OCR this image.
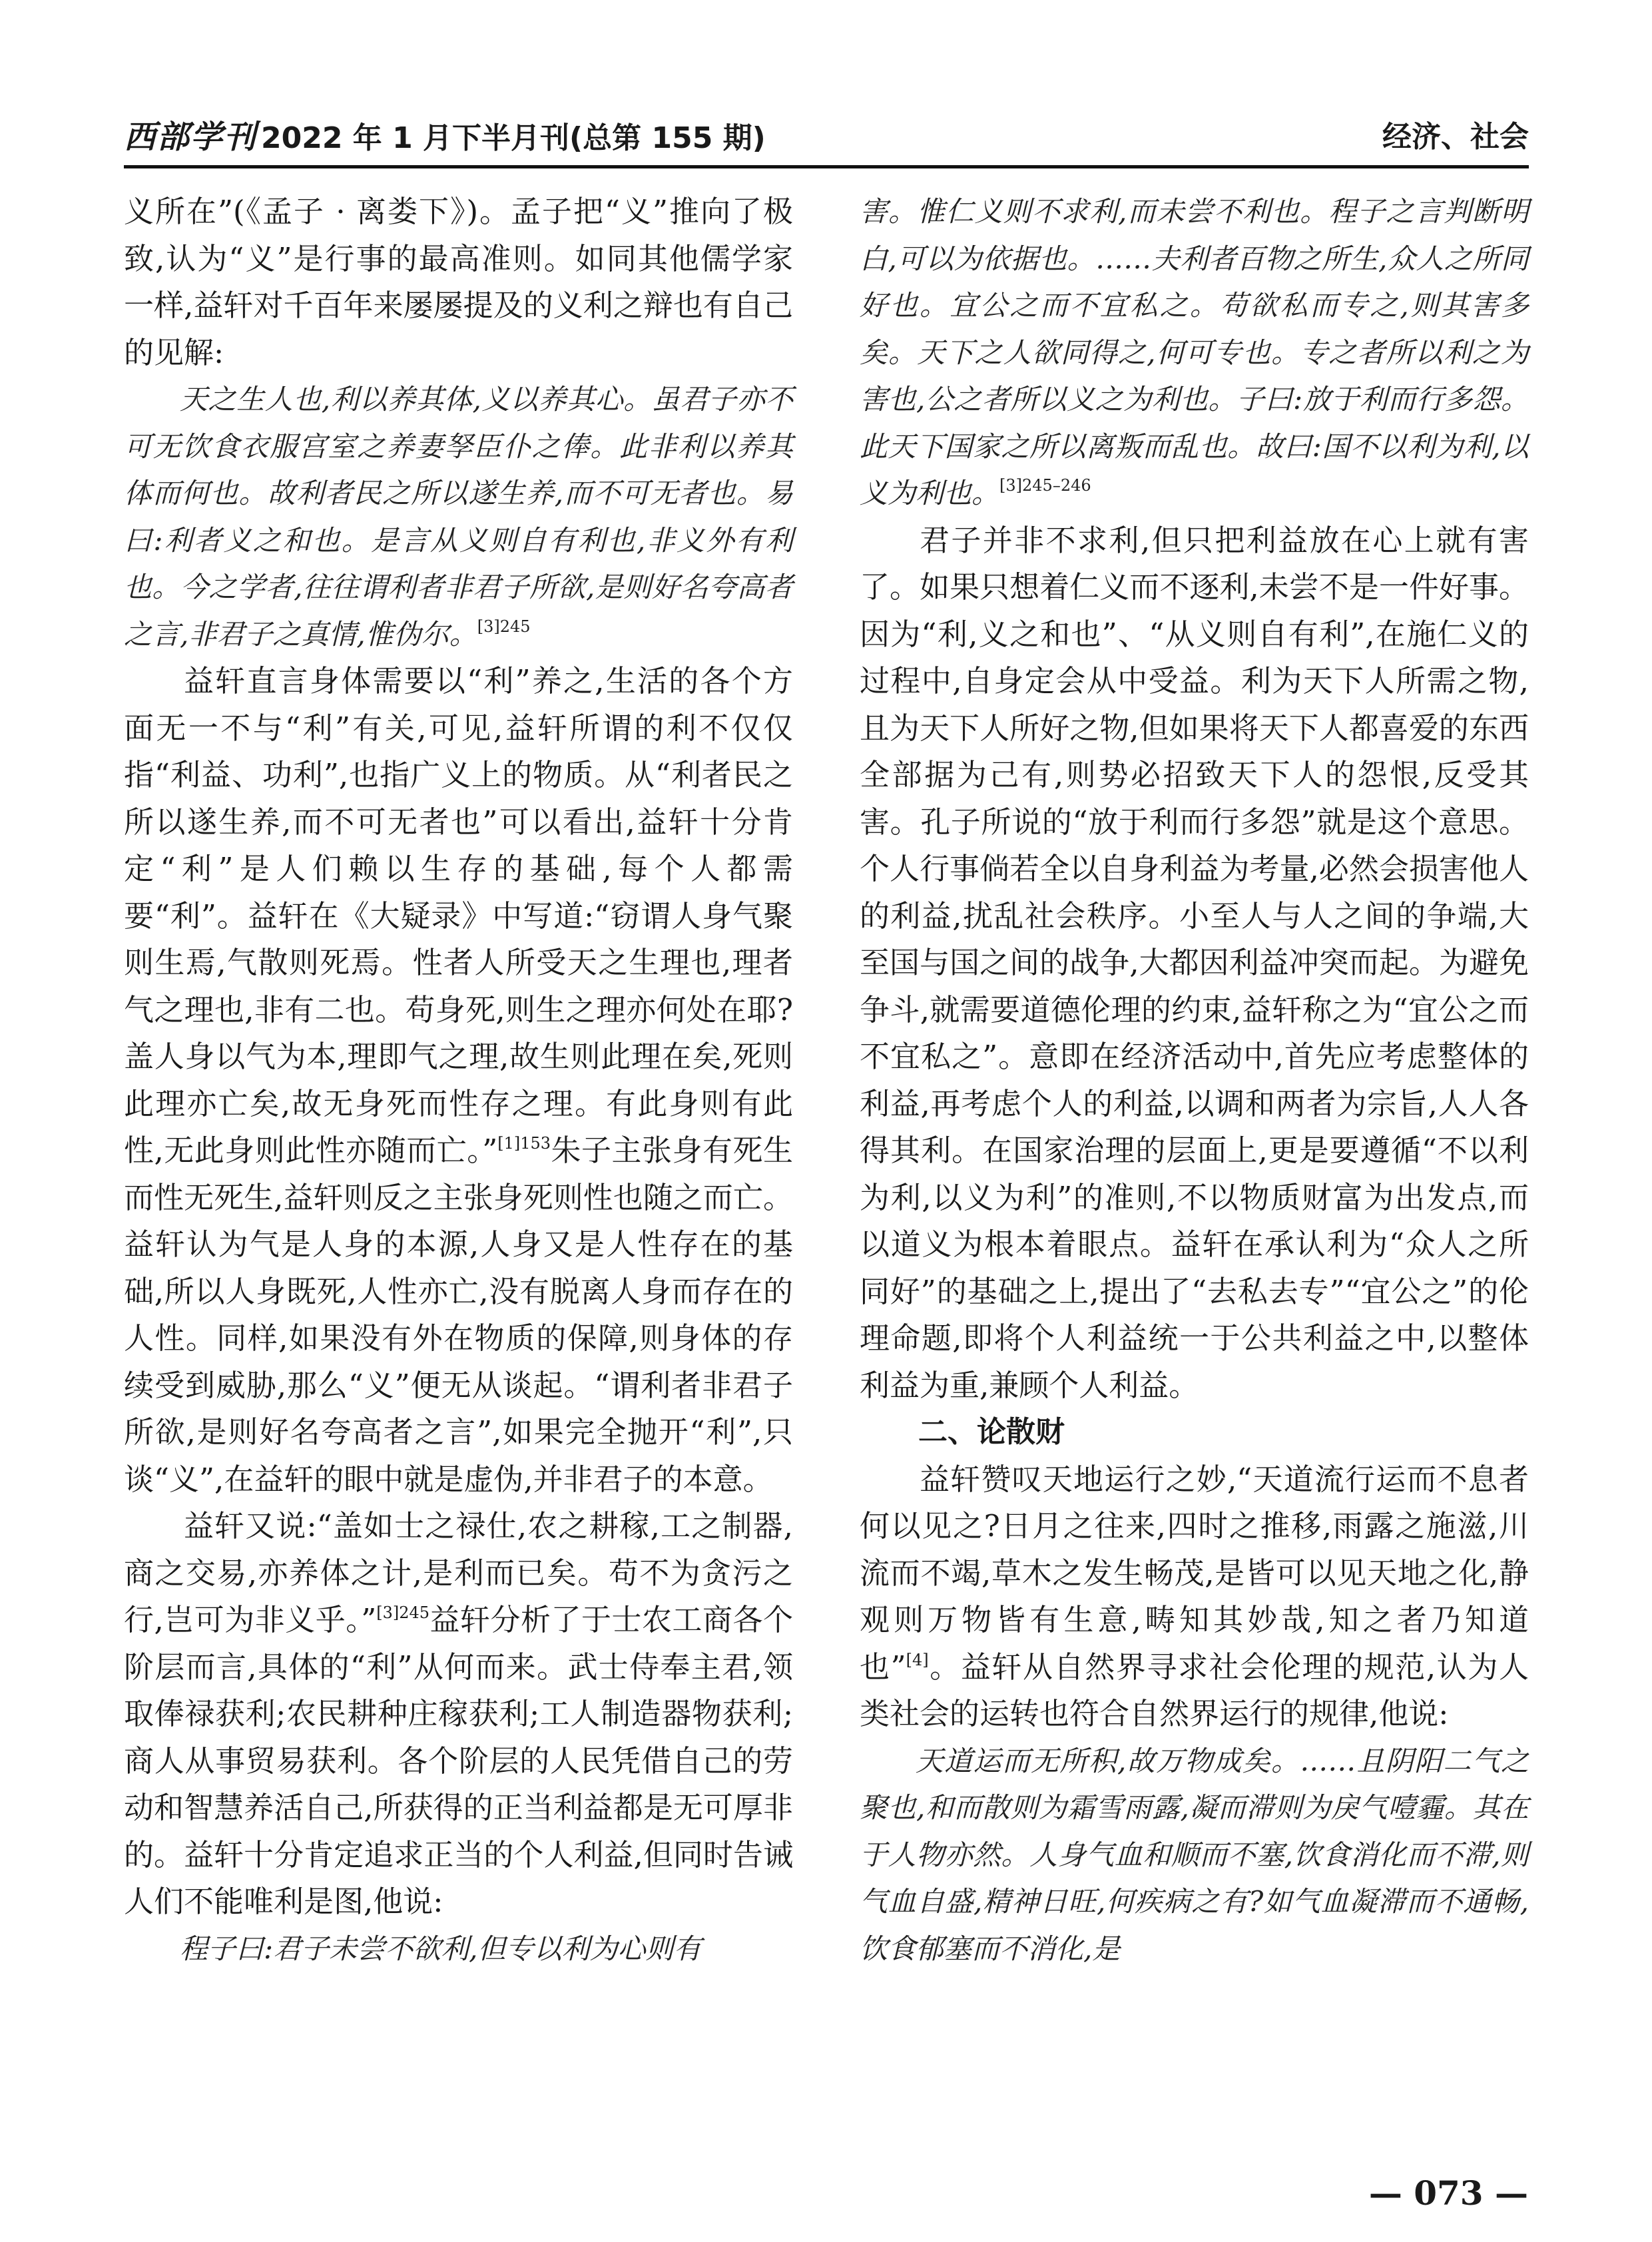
西部学刊 2022 年 1 月下半月刊(总第 155 期)	经济、社会

义所在”(《孟子 · 离娄下》)。孟子把“义”推向了极致,认为“义”是行事的最高准则。如同其他儒学家一样,益轩对千百年来屡屡提及的义利之辩也有自己的见解:

天之生人也,利以养其体,义以养其心。虽君子亦不可无饮食衣服宫室之养妻孥臣仆之俸。此非利以养其体而何也。故利者民之所以遂生养,而不可无者也。易曰:利者义之和也。是言从义则自有利也,非义外有利也。今之学者,往往谓利者非君子所欲,是则好名夸高者之言,非君子之真情,惟伪尔。$^{[3]245}$

益轩直言身体需要以“利”养之,生活的各个方面无一不与“利”有关,可见,益轩所谓的利不仅仅指“利益、功利”,也指广义上的物质。从“利者民之所以遂生养,而不可无者也”可以看出,益轩十分肯定“利”是人们赖以生存的基础,每个人都需要“利”。益轩在《大疑录》中写道:“窃谓人身气聚则生焉,气散则死焉。性者人所受天之生理也,理者气之理也,非有二也。苟身死,则生之理亦何处在耶?盖人身以气为本,理即气之理,故生则此理在矣,死则此理亦亡矣,故无身死而性存之理。有此身则有此性,无此身则此性亦随而亡。”$^{[1]153}$朱子主张身有死生而性无死生,益轩则反之主张身死则性也随之而亡。益轩认为气是人身的本源,人身又是人性存在的基础,所以人身既死,人性亦亡,没有脱离人身而存在的人性。同样,如果没有外在物质的保障,则身体的存续受到威胁,那么“义”便无从谈起。“谓利者非君子所欲,是则好名夸高者之言”,如果完全抛开“利”,只谈“义”,在益轩的眼中就是虚伪,并非君子的本意。

益轩又说:“盖如士之禄仕,农之耕稼,工之制器,商之交易,亦养体之计,是利而已矣。苟不为贪污之行,岂可为非义乎。”$^{[3]245}$益轩分析了于士农工商各个阶层而言,具体的“利”从何而来。武士侍奉主君,领取俸禄获利;农民耕种庄稼获利;工人制造器物获利;商人从事贸易获利。各个阶层的人民凭借自己的劳动和智慧养活自己,所获得的正当利益都是无可厚非的。益轩十分肯定追求正当的个人利益,但同时告诫人们不能唯利是图,他说:

程子曰:君子未尝不欲利,但专以利为心则有

害。惟仁义则不求利,而未尝不利也。程子之言判断明白,可以为依据也。……夫利者百物之所生,众人之所同好也。宜公之而不宜私之。苟欲私而专之,则其害多矣。天下之人欲同得之,何可专也。专之者所以利之为害也,公之者所以义之为利也。子曰:放于利而行多怨。此天下国家之所以离叛而乱也。故曰:国不以利为利,以义为利也。$^{[3]245-246}$

君子并非不求利,但只把利益放在心上就有害了。如果只想着仁义而不逐利,未尝不是一件好事。因为“利,义之和也”、“从义则自有利”,在施仁义的过程中,自身定会从中受益。利为天下人所需之物,且为天下人所好之物,但如果将天下人都喜爱的东西全部据为己有,则势必招致天下人的怨恨,反受其害。孔子所说的“放于利而行多怨”就是这个意思。个人行事倘若全以自身利益为考量,必然会损害他人的利益,扰乱社会秩序。小至人与人之间的争端,大至国与国之间的战争,大都因利益冲突而起。为避免争斗,就需要道德伦理的约束,益轩称之为“宜公之而不宜私之”。意即在经济活动中,首先应考虑整体的利益,再考虑个人的利益,以调和两者为宗旨,人人各得其利。在国家治理的层面上,更是要遵循“不以利为利,以义为利”的准则,不以物质财富为出发点,而以道义为根本着眼点。益轩在承认利为“众人之所同好”的基础之上,提出了“去私去专”“宜公之”的伦理命题,即将个人利益统一于公共利益之中,以整体利益为重,兼顾个人利益。

二、论散财

益轩赞叹天地运行之妙,“天道流行运而不息者何以见之?日月之往来,四时之推移,雨露之施滋,川流而不竭,草木之发生畅茂,是皆可以见天地之化,静观则万物皆有生意,畴知其妙哉,知之者乃知道也”[4]。益轩从自然界寻求社会伦理的规范,认为人类社会的运转也符合自然界运行的规律,他说:

天道运而无所积,故万物成矣。……且阴阳二气之聚也,和而散则为霜雪雨露,凝而滞则为戾气噎霾。其在于人物亦然。人身气血和顺而不塞,饮食消化而不滞,则气血自盛,精神日旺,何疾病之有?如气血凝滞而不通畅,饮食郁塞而不消化,是

— 073 —
